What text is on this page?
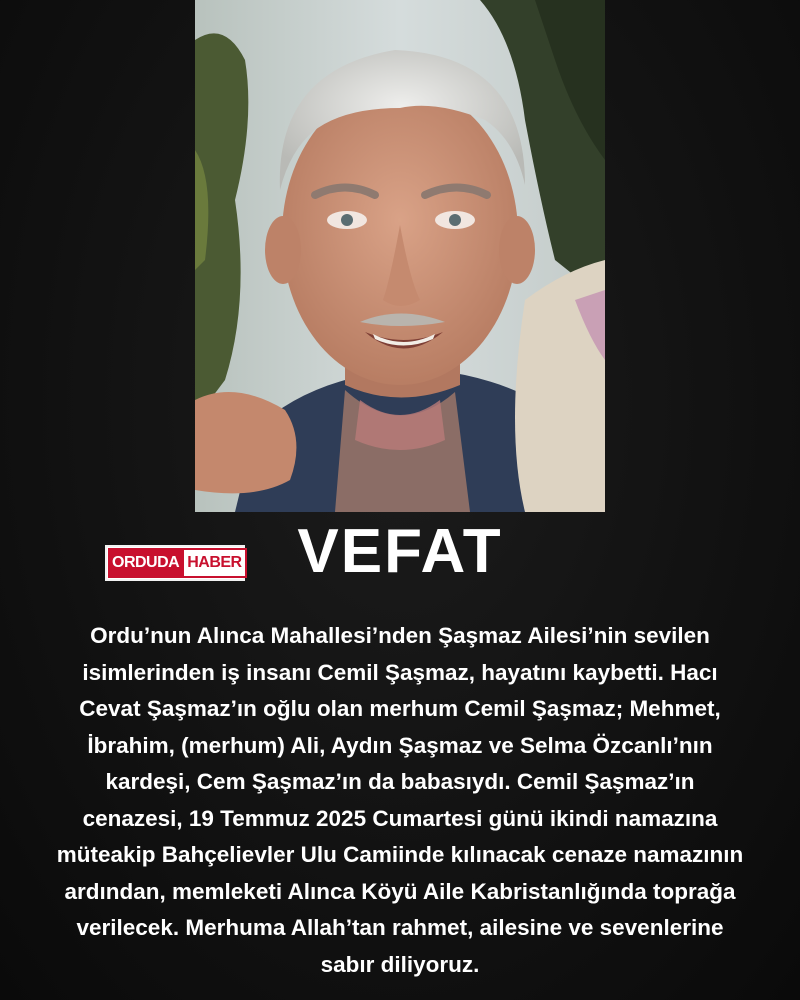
ORDUDA HABER VEFAT
Ordu’nun Alınca Mahallesi’nden Şaşmaz Ailesi’nin sevilen isimlerinden iş insanı Cemil Şaşmaz, hayatını kaybetti. Hacı Cevat Şaşmaz’ın oğlu olan merhum Cemil Şaşmaz; Mehmet, İbrahim, (merhum) Ali, Aydın Şaşmaz ve Selma Özcanlı’nın kardeşi, Cem Şaşmaz’ın da babasıydı. Cemil Şaşmaz’ın cenazesi, 19 Temmuz 2025 Cumartesi günü ikindi namazına müteakip Bahçelievler Ulu Camiinde kılınacak cenaze namazının ardından, memleketi Alınca Köyü Aile Kabristanlığında toprağa verilecek. Merhuma Allah’tan rahmet, ailesine ve sevenlerine sabır diliyoruz.
